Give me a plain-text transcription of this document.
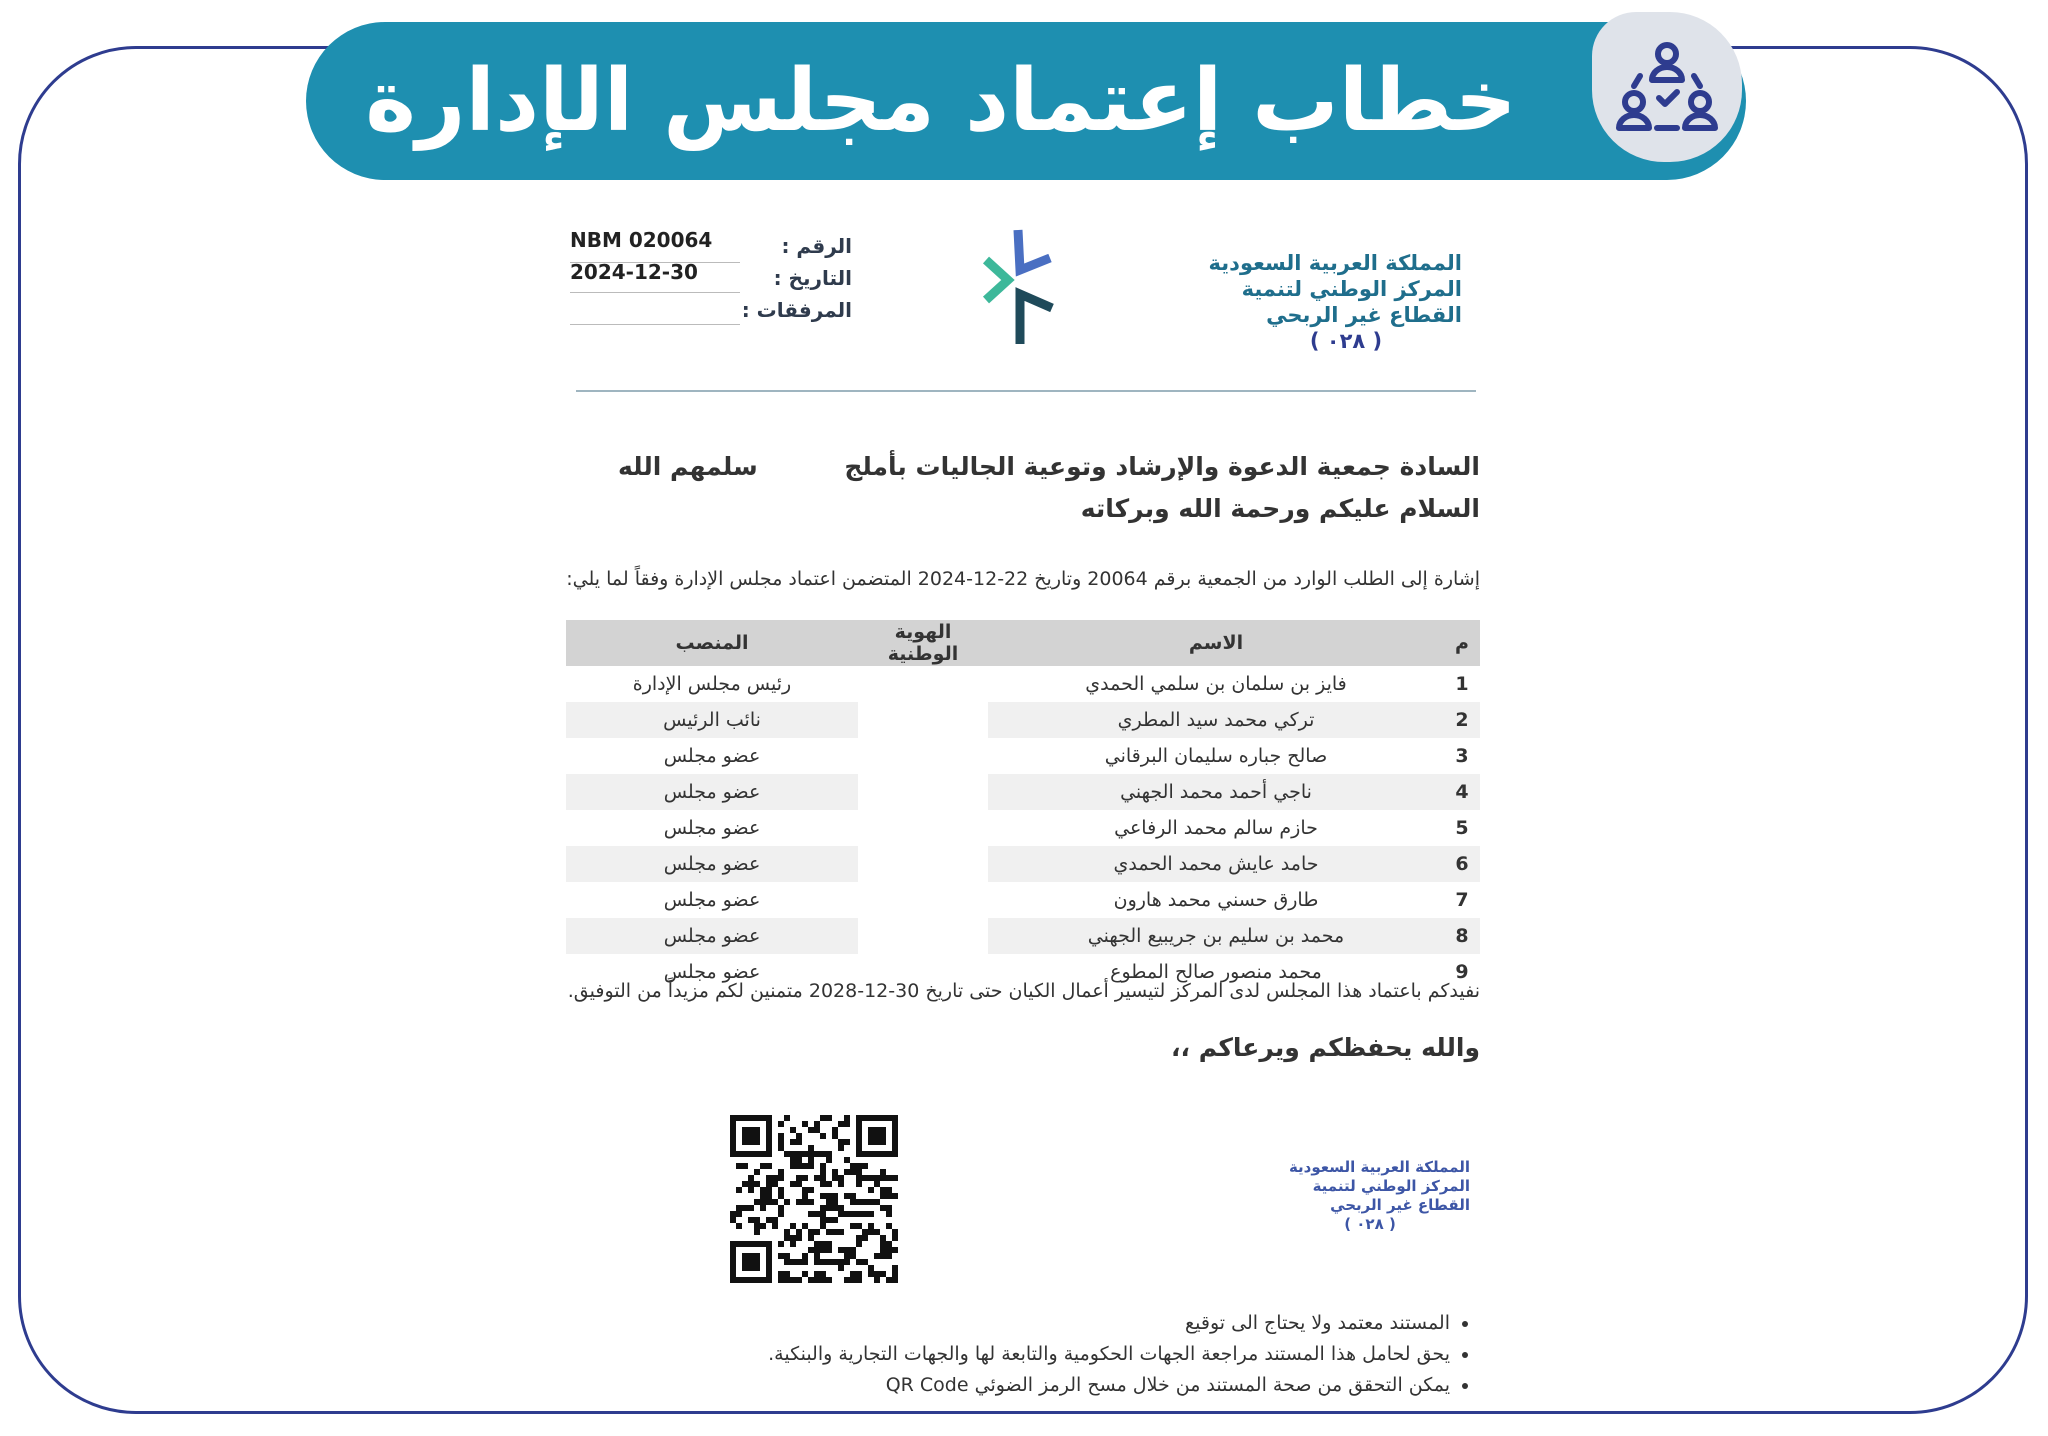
خطاب إعتماد مجلس الإدارة
الرقم :
NBM 020064
التاريخ :
2024-12-30
المرفقات :
المملكة العربية السعودية
المركز الوطني لتنمية
القطاع غير الربحي
( ٠٢٨ )
السادة جمعية الدعوة والإرشاد وتوعية الجاليات بأملج
سلمهم الله
السلام عليكم ورحمة الله وبركاته
إشارة إلى الطلب الوارد من الجمعية برقم 20064 وتاريخ 22-12-2024 المتضمن اعتماد مجلس الإدارة وفقاً لما يلي:
م	الاسم	الهوية الوطنية	المنصب
1	فايز بن سلمان بن سلمي الحمدي		رئيس مجلس الإدارة
2	تركي محمد سيد المطري		نائب الرئيس
3	صالح جباره سليمان البرقاني		عضو مجلس
4	ناجي أحمد محمد الجهني		عضو مجلس
5	حازم سالم محمد الرفاعي		عضو مجلس
6	حامد عايش محمد الحمدي		عضو مجلس
7	طارق حسني محمد هارون		عضو مجلس
8	محمد بن سليم بن جريبيع الجهني		عضو مجلس
9	محمد منصور صالح المطوع		عضو مجلس
نفيدكم باعتماد هذا المجلس لدى المركز لتيسير أعمال الكيان حتى تاريخ 30-12-2028 متمنين لكم مزيداً من التوفيق.
والله يحفظكم ويرعاكم ،،
المملكة العربية السعودية
المركز الوطني لتنمية
القطاع غير الربحي
( ٠٢٨ )
• المستند معتمد ولا يحتاج الى توقيع
• يحق لحامل هذا المستند مراجعة الجهات الحكومية والتابعة لها والجهات التجارية والبنكية.
• يمكن التحقق من صحة المستند من خلال مسح الرمز الضوئي QR Code
